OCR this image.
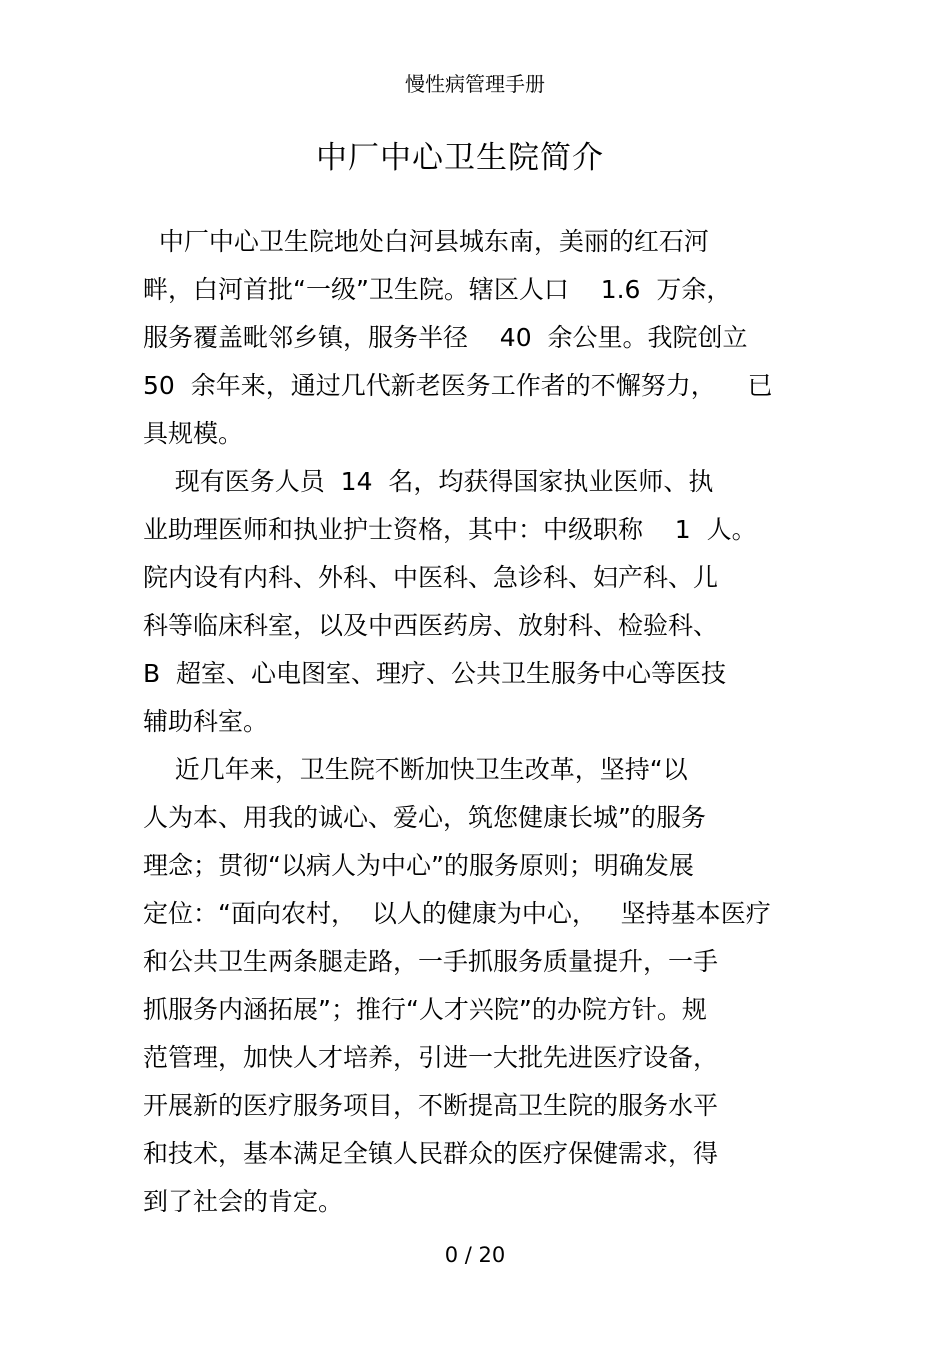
慢性病管理手册
中厂中心卫生院简介
中厂中心卫生院地处白河县城东南，美丽的红石河
畔，白河首批“一级”卫生院。辖区人口    1.6  万余，
服务覆盖毗邻乡镇，服务半径    40  余公里。我院创立
50  余年来，通过几代新老医务工作者的不懈努力，    已
具规模。
现有医务人员  14  名，均获得国家执业医师、执
业助理医师和执业护士资格，其中：中级职称    1  人。
院内设有内科、外科、中医科、急诊科、妇产科、儿
科等临床科室，以及中西医药房、放射科、检验科、
B  超室、心电图室、理疗、公共卫生服务中心等医技
辅助科室。
近几年来，卫生院不断加快卫生改革，坚持“以
人为本、用我的诚心、爱心，筑您健康长城”的服务
理念；贯彻“以病人为中心”的服务原则；明确发展
定位：“面向农村，  以人的健康为中心，   坚持基本医疗
和公共卫生两条腿走路，一手抓服务质量提升，一手
抓服务内涵拓展”；推行“人才兴院”的办院方针。规
范管理，加快人才培养，引进一大批先进医疗设备，
开展新的医疗服务项目，不断提高卫生院的服务水平
和技术，基本满足全镇人民群众的医疗保健需求，得
到了社会的肯定。
0 / 20
